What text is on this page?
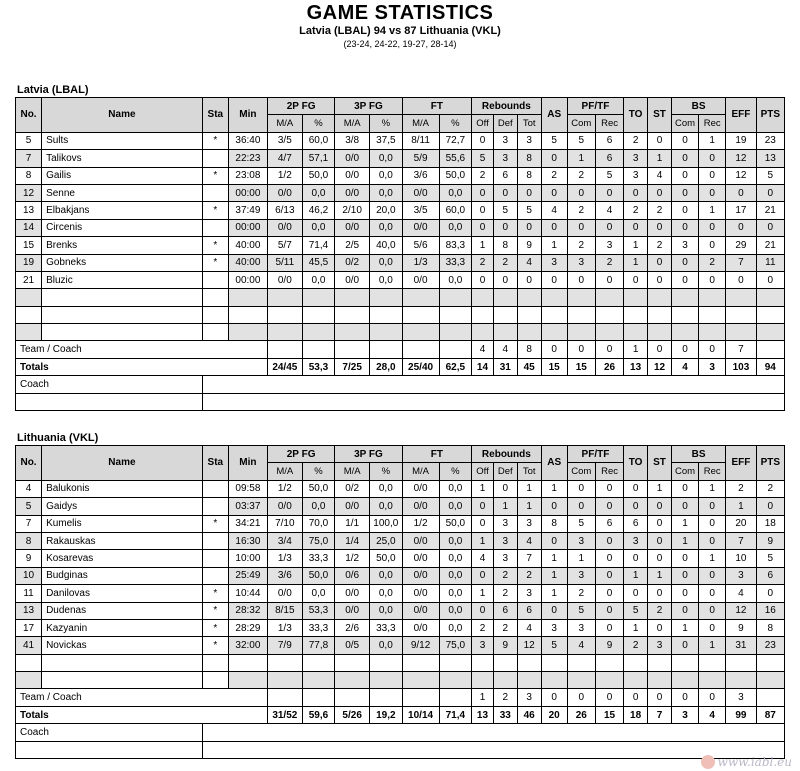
GAME STATISTICS
Latvia (LBAL) 94 vs 87 Lithuania (VKL)
(23-24, 24-22, 19-27, 28-14)
Latvia (LBAL)
No.	Name	Sta	Min	2P FG		3P FG		FT		Rebounds			AS	PF/TF		TO	ST	BS		EFF	PTS
				M/A	%	M/A	%	M/A	%	Off	Def	Tot		Com	Rec			Com	Rec		
5	Sults	*	36:40	3/5	60,0	3/8	37,5	8/11	72,7	0	3	3	5	5	6	2	0	0	1	19	23
7	Talikovs		22:23	4/7	57,1	0/0	0,0	5/9	55,6	5	3	8	0	1	6	3	1	0	0	12	13
8	Gailis	*	23:08	1/2	50,0	0/0	0,0	3/6	50,0	2	6	8	2	2	5	3	4	0	0	12	5
12	Senne		00:00	0/0	0,0	0/0	0,0	0/0	0,0	0	0	0	0	0	0	0	0	0	0	0	0
13	Elbakjans	*	37:49	6/13	46,2	2/10	20,0	3/5	60,0	0	5	5	4	2	4	2	2	0	1	17	21
14	Circenis		00:00	0/0	0,0	0/0	0,0	0/0	0,0	0	0	0	0	0	0	0	0	0	0	0	0
15	Brenks	*	40:00	5/7	71,4	2/5	40,0	5/6	83,3	1	8	9	1	2	3	1	2	3	0	29	21
19	Gobneks	*	40:00	5/11	45,5	0/2	0,0	1/3	33,3	2	2	4	3	3	2	1	0	0	2	7	11
21	Bluzic		00:00	0/0	0,0	0/0	0,0	0/0	0,0	0	0	0	0	0	0	0	0	0	0	0	0

Team / Coach										4	4	8	0	0	0	1	0	0	0	7	
Totals				24/45	53,3	7/25	28,0	25/40	62,5	14	31	45	15	15	26	13	12	4	3	103	94
Coach																					

Lithuania (VKL)
No.	Name	Sta	Min	2P FG		3P FG		FT		Rebounds			AS	PF/TF		TO	ST	BS		EFF	PTS
				M/A	%	M/A	%	M/A	%	Off	Def	Tot		Com	Rec			Com	Rec		
4	Balukonis		09:58	1/2	50,0	0/2	0,0	0/0	0,0	1	0	1	1	0	0	0	1	0	1	2	2
5	Gaidys		03:37	0/0	0,0	0/0	0,0	0/0	0,0	0	1	1	0	0	0	0	0	0	0	1	0
7	Kumelis	*	34:21	7/10	70,0	1/1	100,0	1/2	50,0	0	3	3	8	5	6	6	0	1	0	20	18
8	Rakauskas		16:30	3/4	75,0	1/4	25,0	0/0	0,0	1	3	4	0	3	0	3	0	1	0	7	9
9	Kosarevas		10:00	1/3	33,3	1/2	50,0	0/0	0,0	4	3	7	1	1	0	0	0	0	1	10	5
10	Budginas		25:49	3/6	50,0	0/6	0,0	0/0	0,0	0	2	2	1	3	0	1	1	0	0	3	6
11	Danilovas	*	10:44	0/0	0,0	0/0	0,0	0/0	0,0	1	2	3	1	2	0	0	0	0	0	4	0
13	Dudenas	*	28:32	8/15	53,3	0/0	0,0	0/0	0,0	0	6	6	0	5	0	5	2	0	0	12	16
17	Kazyanin	*	28:29	1/3	33,3	2/6	33,3	0/0	0,0	2	2	4	3	3	0	1	0	1	0	9	8
41	Novickas	*	32:00	7/9	77,8	0/5	0,0	9/12	75,0	3	9	12	5	4	9	2	3	0	1	31	23

Team / Coach										1	2	3	0	0	0	0	0	0	0	3	
Totals				31/52	59,6	5/26	19,2	10/14	71,4	13	33	46	20	26	15	18	7	3	4	99	87
Coach																					

www.iabl.eu
